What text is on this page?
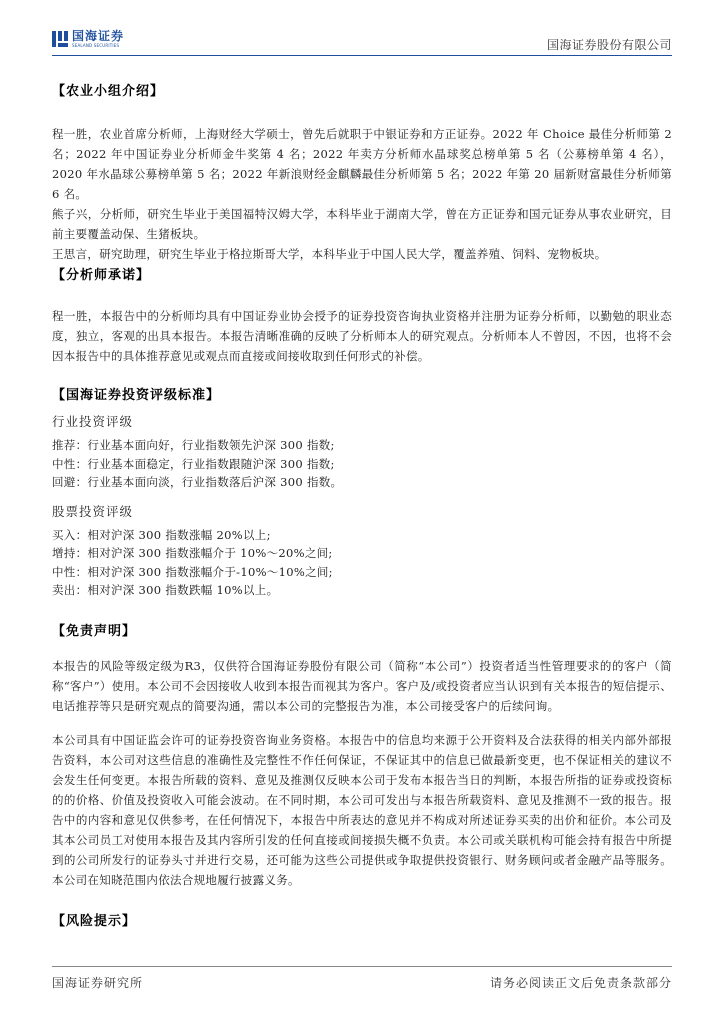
国海证券
SEALAND SECURITIES	国海证券股份有限公司
【农业小组介绍】

程一胜，农业首席分析师，上海财经大学硕士，曾先后就职于中银证券和方正证券。2022 年 Choice 最佳分析师第 2 名；2022 年中国证券业分析师金牛奖第 4 名；2022 年卖方分析师水晶球奖总榜单第 5 名（公募榜单第 4 名），2020 年水晶球公募榜单第 5 名；2022 年新浪财经金麒麟最佳分析师第 5 名；2022 年第 20 届新财富最佳分析师第 6 名。

熊子兴，分析师，研究生毕业于美国福特汉姆大学，本科毕业于湖南大学，曾在方正证券和国元证券从事农业研究，目前主要覆盖动保、生猪板块。

王思言，研究助理，研究生毕业于格拉斯哥大学，本科毕业于中国人民大学，覆盖养殖、饲料、宠物板块。

【分析师承诺】

程一胜，本报告中的分析师均具有中国证券业协会授予的证券投资咨询执业资格并注册为证券分析师，以勤勉的职业态度，独立，客观的出具本报告。本报告清晰准确的反映了分析师本人的研究观点。分析师本人不曾因，不因，也将不会因本报告中的具体推荐意见或观点而直接或间接收取到任何形式的补偿。

【国海证券投资评级标准】
行业投资评级

推荐：行业基本面向好，行业指数领先沪深 300 指数;

中性：行业基本面稳定，行业指数跟随沪深 300 指数;

回避：行业基本面向淡，行业指数落后沪深 300 指数。

股票投资评级

买入：相对沪深 300 指数涨幅 20%以上;

增持：相对沪深 300 指数涨幅介于 10%～20%之间;

中性：相对沪深 300 指数涨幅介于-10%～10%之间;

卖出：相对沪深 300 指数跌幅 10%以上。

【免责声明】

本报告的风险等级定级为R3，仅供符合国海证券股份有限公司（简称“本公司”）投资者适当性管理要求的的客户（简称“客户”）使用。本公司不会因接收人收到本报告而视其为客户。客户及/或投资者应当认识到有关本报告的短信提示、电话推荐等只是研究观点的简要沟通，需以本公司的完整报告为准，本公司接受客户的后续问询。

本公司具有中国证监会许可的证券投资咨询业务资格。本报告中的信息均来源于公开资料及合法获得的相关内部外部报告资料，本公司对这些信息的准确性及完整性不作任何保证，不保证其中的信息已做最新变更，也不保证相关的建议不会发生任何变更。本报告所载的资料、意见及推测仅反映本公司于发布本报告当日的判断，本报告所指的证券或投资标的的价格、价值及投资收入可能会波动。在不同时期，本公司可发出与本报告所载资料、意见及推测不一致的报告。报告中的内容和意见仅供参考，在任何情况下，本报告中所表达的意见并不构成对所述证券买卖的出价和征价。本公司及其本公司员工对使用本报告及其内容所引发的任何直接或间接损失概不负责。本公司或关联机构可能会持有报告中所提到的公司所发行的证券头寸并进行交易，还可能为这些公司提供或争取提供投资银行、财务顾问或者金融产品等服务。本公司在知晓范围内依法合规地履行披露义务。

【风险提示】
国海证券研究所	请务必阅读正文后免责条款部分
